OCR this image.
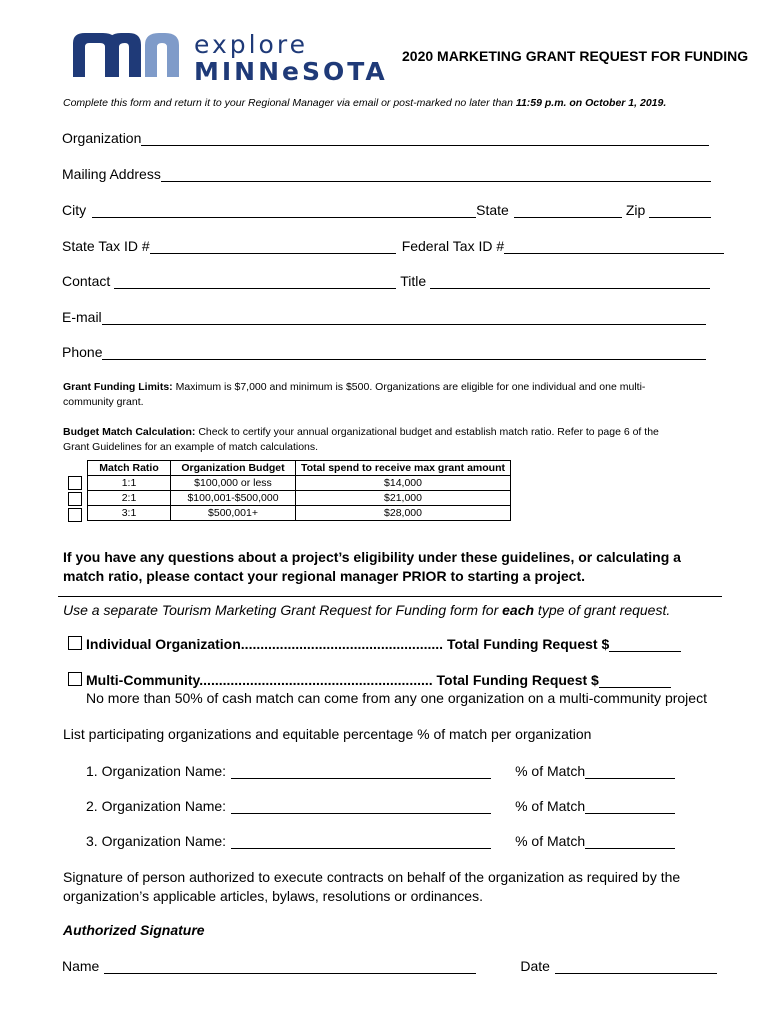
explore
MINNeSOTA
2020 MARKETING GRANT REQUEST FOR FUNDING
Complete this form and return it to your Regional Manager via email or post-marked no later than 11:59 p.m. on October 1, 2019.
Organization
Mailing Address
City	State	Zip
State Tax ID #	Federal Tax ID #
Contact	Title
E-mail
Phone
Grant Funding Limits: Maximum is $7,000 and minimum is $500. Organizations are eligible for one individual and one multi-community grant.
Budget Match Calculation: Check to certify your annual organizational budget and establish match ratio. Refer to page 6 of the Grant Guidelines for an example of match calculations.
Match Ratio	Organization Budget	Total spend to receive max grant amount
1:1	$100,000 or less	$14,000
2:1	$100,001-$500,000	$21,000
3:1	$500,001+	$28,000
If you have any questions about a project’s eligibility under these guidelines, or calculating a match ratio, please contact your regional manager PRIOR to starting a project.
Use a separate Tourism Marketing Grant Request for Funding form for each type of grant request.
Individual Organization.................................................... Total Funding Request $
Multi-Community............................................................ Total Funding Request $
No more than 50% of cash match can come from any one organization on a multi-community project
List participating organizations and equitable percentage % of match per organization
1. Organization Name:	% of Match
2. Organization Name:	% of Match
3. Organization Name:	% of Match
Signature of person authorized to execute contracts on behalf of the organization as required by the organization’s applicable articles, bylaws, resolutions or ordinances.
Authorized Signature
Name	Date
